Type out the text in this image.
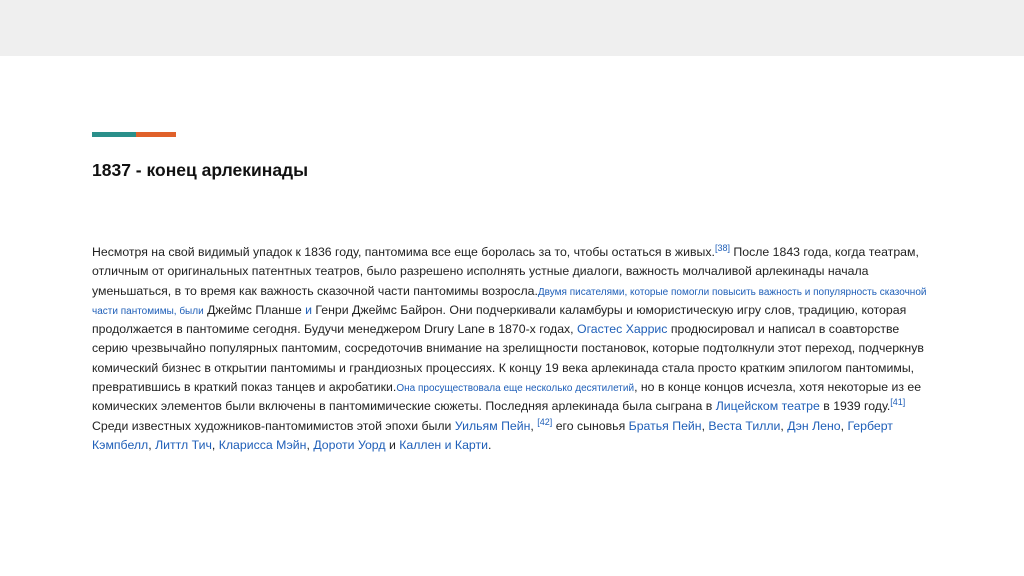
1837 - конец арлекинады

Несмотря на свой видимый упадок к 1836 году, пантомима все еще боролась за то, чтобы остаться в живых.[38] После 1843 года, когда театрам, отличным от оригинальных патентных театров, было разрешено исполнять устные диалоги, важность молчаливой арлекинады начала уменьшаться, в то время как важность сказочной части пантомимы возросла.Двумя писателями, которые помогли повысить важность и популярность сказочной части пантомимы, были Джеймс Планше и Генри Джеймс Байрон. Они подчеркивали каламбуры и юмористическую игру слов, традицию, которая продолжается в пантомиме сегодня. Будучи менеджером Drury Lane в 1870-х годах, Огастес Харрис продюсировал и написал в соавторстве серию чрезвычайно популярных пантомим, сосредоточив внимание на зрелищности постановок, которые подтолкнули этот переход, подчеркнув комический бизнес в открытии пантомимы и грандиозных процессиях. К концу 19 века арлекинада стала просто кратким эпилогом пантомимы, превратившись в краткий показ танцев и акробатики.Она просуществовала еще несколько десятилетий, но в конце концов исчезла, хотя некоторые из ее комических элементов были включены в пантомимические сюжеты. Последняя арлекинада была сыграна в Лицейском театре в 1939 году.[41] Среди известных художников-пантомимистов этой эпохи были Уильям Пейн, [42] его сыновья Братья Пейн, Веста Тилли, Дэн Лено, Герберт Кэмпбелл, Литтл Тич, Кларисса Мэйн, Дороти Уорд и Каллен и Карти.
